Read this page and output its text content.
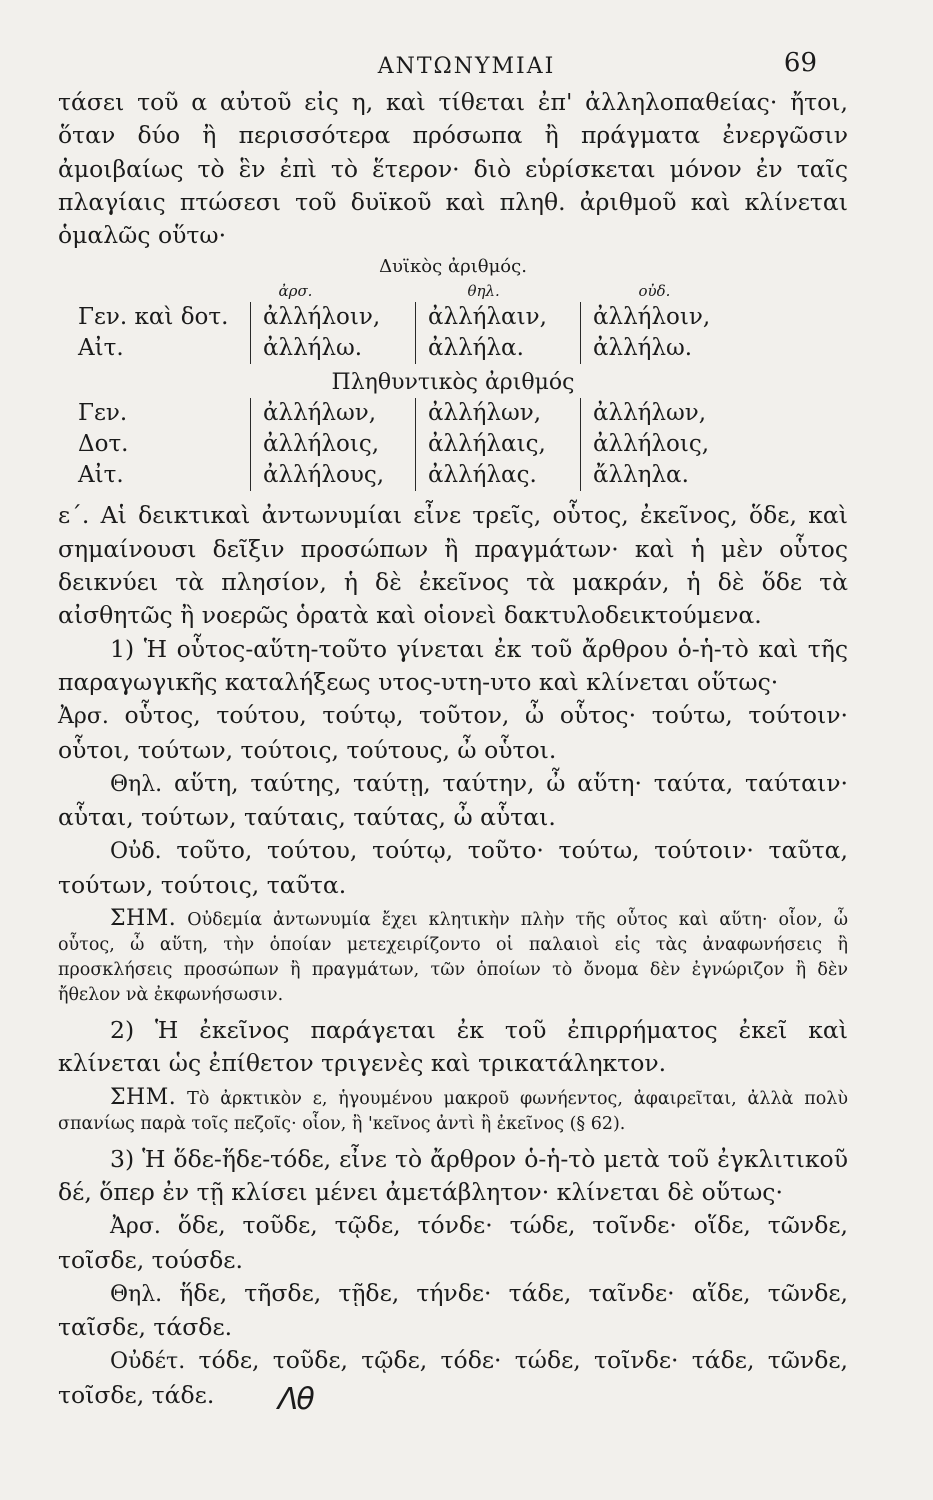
ΑΝΤΩΝΥΜΙΑΙ	69

τάσει τοῦ α αὐτοῦ εἰς η, καὶ τίθεται ἐπ' ἀλληλοπαθείας· ἤτοι, ὅταν δύο ἢ περισσότερα πρόσωπα ἢ πράγματα ἐνεργῶσιν ἀμοιβαίως τὸ ἓν ἐπὶ τὸ ἕτερον· διὸ εὑρίσκεται μόνον ἐν ταῖς πλαγίαις πτώσεσι τοῦ δυϊκοῦ καὶ πληθ. ἀριθμοῦ καὶ κλίνεται ὁμαλῶς οὕτω·

Δυϊκὸς ἀριθμός.
	ἀρσ.	θηλ.	οὐδ.
Γεν. καὶ δοτ.	ἀλλήλοιν,	ἀλλήλαιν,	ἀλλήλοιν,
Αἰτ.	ἀλλήλω.	ἀλλήλα.	ἀλλήλω.
Πληθυντικὸς ἀριθμός
Γεν.	ἀλλήλων,	ἀλλήλων,	ἀλλήλων,
Δοτ.	ἀλλήλοις,	ἀλλήλαις,	ἀλλήλοις,
Αἰτ.	ἀλλήλους,	ἀλλήλας.	ἄλληλα.

ε΄. Αἱ δεικτικαὶ ἀντωνυμίαι εἶνε τρεῖς, οὗτος, ἐκεῖνος, ὅδε, καὶ σημαίνουσι δεῖξιν προσώπων ἢ πραγμάτων· καὶ ἡ μὲν οὗτος δεικνύει τὰ πλησίον, ἡ δὲ ἐκεῖνος τὰ μακράν, ἡ δὲ ὅδε τὰ αἰσθητῶς ἢ νοερῶς ὁρατὰ καὶ οἱονεὶ δακτυλοδεικτούμενα.

1) Ἡ οὗτος-αὕτη-τοῦτο γίνεται ἐκ τοῦ ἄρθρου ὁ-ἡ-τὸ καὶ τῆς παραγωγικῆς καταλήξεως υτος-υτη-υτο καὶ κλίνεται οὕτως·

Ἀρσ. οὗτος, τούτου, τούτῳ, τοῦτον, ὦ οὗτος· τούτω, τούτοιν· οὗτοι, τούτων, τούτοις, τούτους, ὦ οὗτοι.

Θηλ. αὕτη, ταύτης, ταύτῃ, ταύτην, ὦ αὕτη· ταύτα, ταύταιν· αὗται, τούτων, ταύταις, ταύτας, ὦ αὗται.

Οὐδ. τοῦτο, τούτου, τούτῳ, τοῦτο· τούτω, τούτοιν· ταῦτα, τούτων, τούτοις, ταῦτα.

ΣΗΜ. Οὐδεμία ἀντωνυμία ἔχει κλητικὴν πλὴν τῆς οὗτος καὶ αὕτη· οἷον, ὦ οὗτος, ὦ αὕτη, τὴν ὁποίαν μετεχειρίζοντο οἱ παλαιοὶ εἰς τὰς ἀναφωνήσεις ἢ προσκλήσεις προσώπων ἢ πραγμάτων, τῶν ὁποίων τὸ ὄνομα δὲν ἐγνώριζον ἢ δὲν ἤθελον νὰ ἐκφωνήσωσιν.

2) Ἡ ἐκεῖνος παράγεται ἐκ τοῦ ἐπιρρήματος ἐκεῖ καὶ κλίνεται ὡς ἐπίθετον τριγενὲς καὶ τρικατάληκτον.

ΣΗΜ. Τὸ ἀρκτικὸν ε, ἡγουμένου μακροῦ φωνήεντος, ἀφαιρεῖται, ἀλλὰ πολὺ σπανίως παρὰ τοῖς πεζοῖς· οἷον, ἢ 'κεῖνος ἀντὶ ἢ ἐκεῖνος (§ 62).

3) Ἡ ὅδε-ἥδε-τόδε, εἶνε τὸ ἄρθρον ὁ-ἡ-τὸ μετὰ τοῦ ἐγκλιτικοῦ δέ, ὅπερ ἐν τῇ κλίσει μένει ἀμετάβλητον· κλίνεται δὲ οὕτως·

Ἀρσ. ὅδε, τοῦδε, τῷδε, τόνδε· τώδε, τοῖνδε· οἵδε, τῶνδε, τοῖσδε, τούσδε.

Θηλ. ἥδε, τῆσδε, τῇδε, τήνδε· τάδε, ταῖνδε· αἵδε, τῶνδε, ταῖσδε, τάσδε.

Οὐδέτ. τόδε, τοῦδε, τῷδε, τόδε· τώδε, τοῖνδε· τάδε, τῶνδε, τοῖσδε, τάδε. Λθ
